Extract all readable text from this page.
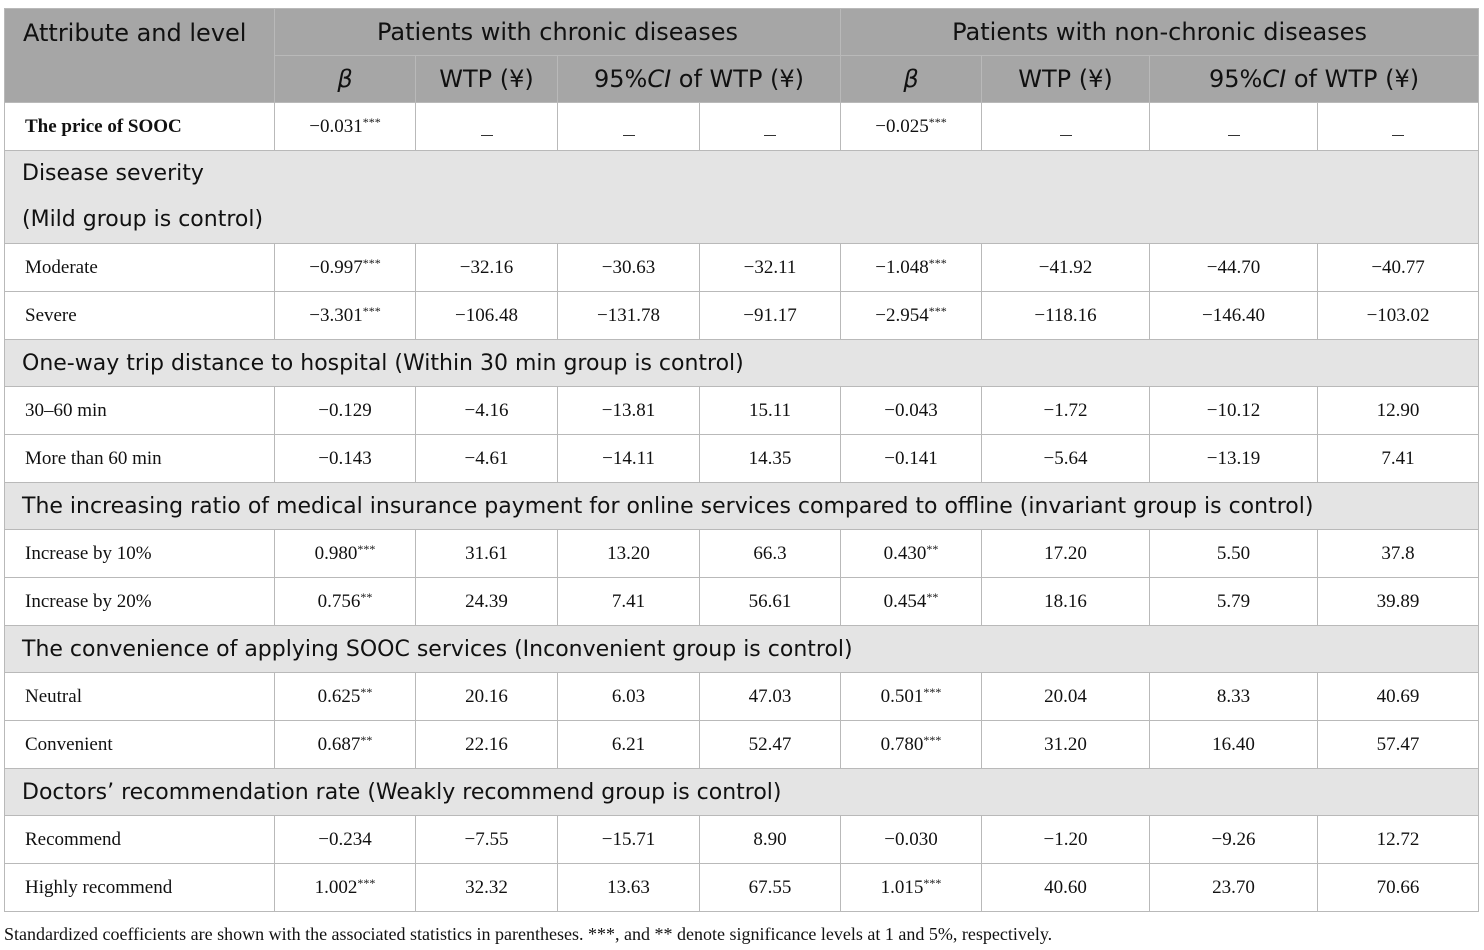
Attribute and level	Patients with chronic diseases				Patients with non-chronic diseases			
	β	WTP (¥)	95%CI of WTP (¥)		β	WTP (¥)	95%CI of WTP (¥)	
The price of SOOC	−0.031***				−0.025***			

Disease severity
(Mild group is control)								

Moderate	−0.997***	−32.16	−30.63	−32.11	−1.048***	−41.92	−44.70	−40.77
Severe	−3.301***	−106.48	−131.78	−91.17	−2.954***	−118.16	−146.40	−103.02

One-way trip distance to hospital (Within 30 min group is control)								

30–60 min	−0.129	−4.16	−13.81	15.11	−0.043	−1.72	−10.12	12.90
More than 60 min	−0.143	−4.61	−14.11	14.35	−0.141	−5.64	−13.19	7.41

The increasing ratio of medical insurance payment for online services compared to offline (invariant group is control)								

Increase by 10%	0.980***	31.61	13.20	66.3	0.430**	17.20	5.50	37.8
Increase by 20%	0.756**	24.39	7.41	56.61	0.454**	18.16	5.79	39.89

The convenience of applying SOOC services (Inconvenient group is control)								

Neutral	0.625**	20.16	6.03	47.03	0.501***	20.04	8.33	40.69
Convenient	0.687**	22.16	6.21	52.47	0.780***	31.20	16.40	57.47

Doctors’ recommendation rate (Weakly recommend group is control)								

Recommend	−0.234	−7.55	−15.71	8.90	−0.030	−1.20	−9.26	12.72
Highly recommend	1.002***	32.32	13.63	67.55	1.015***	40.60	23.70	70.66
Standardized coefficients are shown with the associated statistics in parentheses. ***, and ** denote significance levels at 1 and 5%, respectively.
